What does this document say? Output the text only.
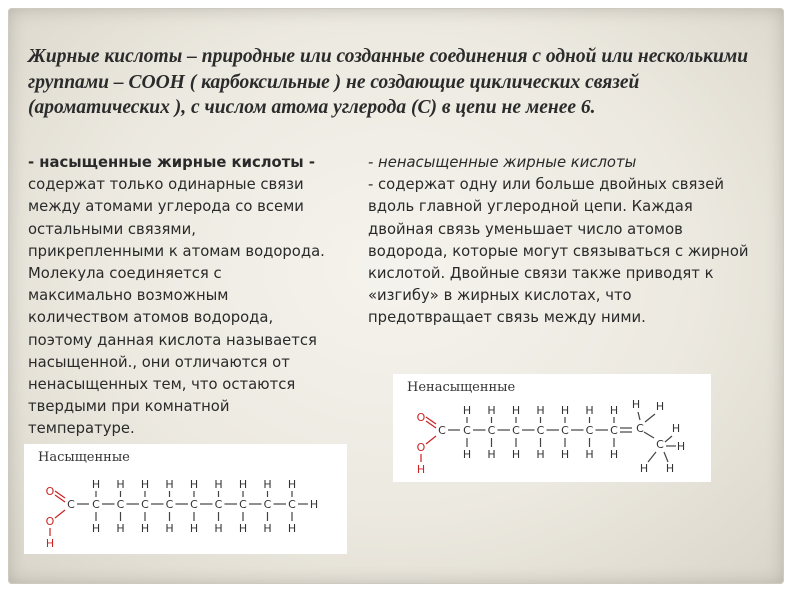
Жирные кислоты – природные или созданные соединения с одной или несколькими группами – COOH ( карбоксильные ) не создающие циклических связей (ароматических ), с числом атома углерода (С) в цепи не менее 6.

- насыщенные жирные кислоты - содержат только одинарные связи между атомами углерода со всеми остальными связями, прикрепленными к атомам водорода. Молекула соединяется с максимально возможным количеством атомов водорода, поэтому данная кислота называется насыщенной., они отличаются от ненасыщенных тем, что остаются твердыми при комнатной температуре.

- ненасыщенные жирные кислоты

- содержат одну или больше двойных связей вдоль главной углеродной цепи. Каждая двойная связь уменьшает число атомов водорода, которые могут связываться с жирной кислотой. Двойные связи также приводят к «изгибу» в жирных кислотах, что предотвращает связь между ними.

Насыщенные

O
C
O
H
C
H
H
C
H
H
C
H
H
C
H
H
C
H
H
C
H
H
C
H
H
C
H
H
C
H
H
H

Ненасыщенные

O
C
O
H
C
H
H
C
H
H
C
H
H
C
H
H
C
H
H
C
H
H
C
H
H
C
H H
C
H H
H
H
